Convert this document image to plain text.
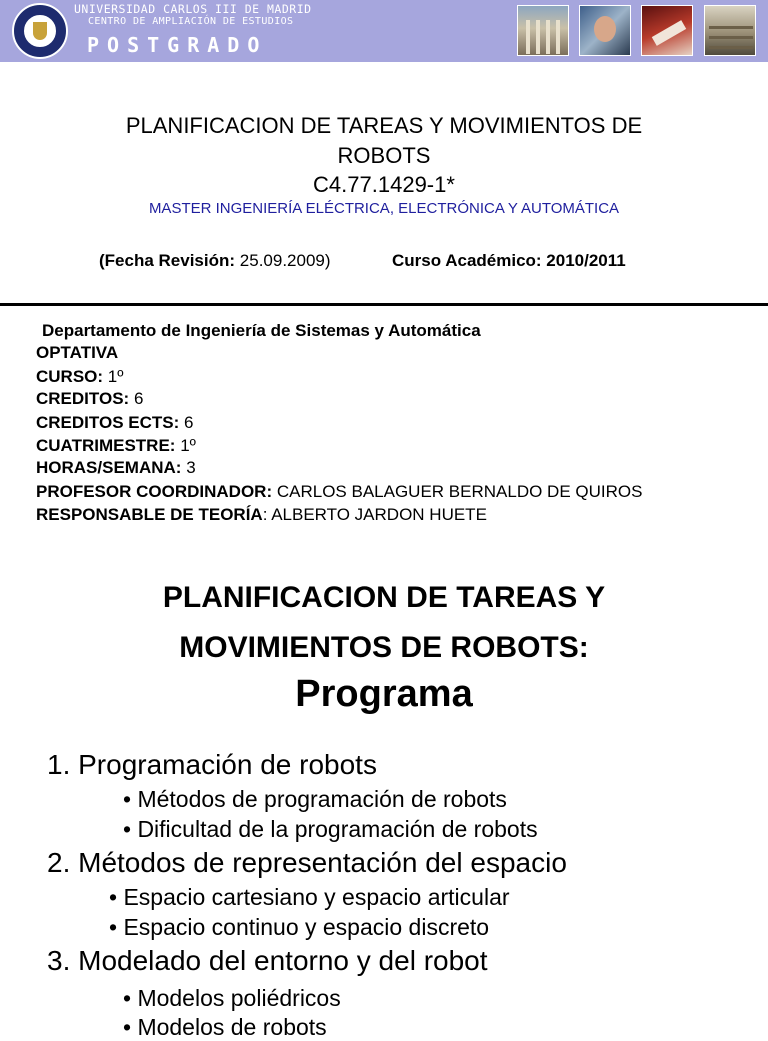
UNIVERSIDAD CARLOS III DE MADRID
CENTRO DE AMPLIACIÓN DE ESTUDIOS
POSTGRADO
PLANIFICACION DE TAREAS Y MOVIMIENTOS DE
ROBOTS
C4.77.1429-1*
MASTER INGENIERÍA ELÉCTRICA, ELECTRÓNICA Y AUTOMÁTICA
(Fecha Revisión: 25.09.2009)	Curso Académico: 2010/2011
Departamento de Ingeniería de Sistemas y Automática
OPTATIVA
CURSO: 1º
CREDITOS: 6
CREDITOS ECTS: 6
CUATRIMESTRE: 1º
HORAS/SEMANA: 3
PROFESOR COORDINADOR: CARLOS BALAGUER BERNALDO DE QUIROS
RESPONSABLE DE TEORÍA: ALBERTO JARDON HUETE
PLANIFICACION DE TAREAS Y
MOVIMIENTOS DE ROBOTS:
Programa
1. Programación de robots
• Métodos de programación de robots
• Dificultad de la programación de robots
2. Métodos de representación del espacio
• Espacio cartesiano y espacio articular
• Espacio continuo y espacio discreto
3. Modelado del entorno y del robot
• Modelos poliédricos
• Modelos de robots
